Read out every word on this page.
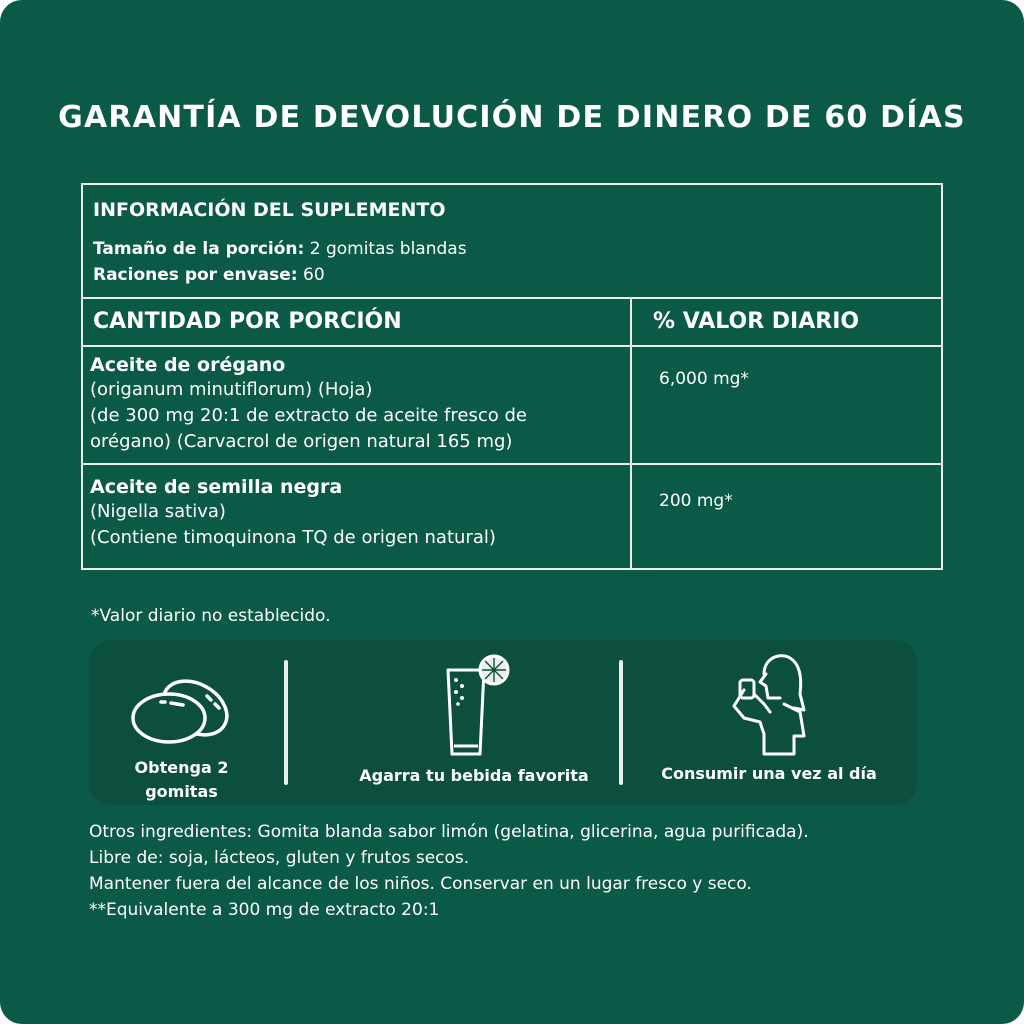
GARANTÍA DE DEVOLUCIÓN DE DINERO DE 60 DÍAS
INFORMACIÓN DEL SUPLEMENTO
Tamaño de la porción: 2 gomitas blandas
Raciones por envase: 60
CANTIDAD POR PORCIÓN	% VALOR DIARIO
Aceite de orégano
(origanum minutiflorum) (Hoja)
(de 300 mg 20:1 de extracto de aceite fresco de
orégano) (Carvacrol de origen natural 165 mg)
6,000 mg*
Aceite de semilla negra
(Nigella sativa)
(Contiene timoquinona TQ de origen natural)
200 mg*
*Valor diario no establecido.
Obtenga 2
gomitas
Agarra tu bebida favorita	Consumir una vez al día
Otros ingredientes: Gomita blanda sabor limón (gelatina, glicerina, agua purificada).
Libre de: soja, lácteos, gluten y frutos secos.
Mantener fuera del alcance de los niños. Conservar en un lugar fresco y seco.
**Equivalente a 300 mg de extracto 20:1
